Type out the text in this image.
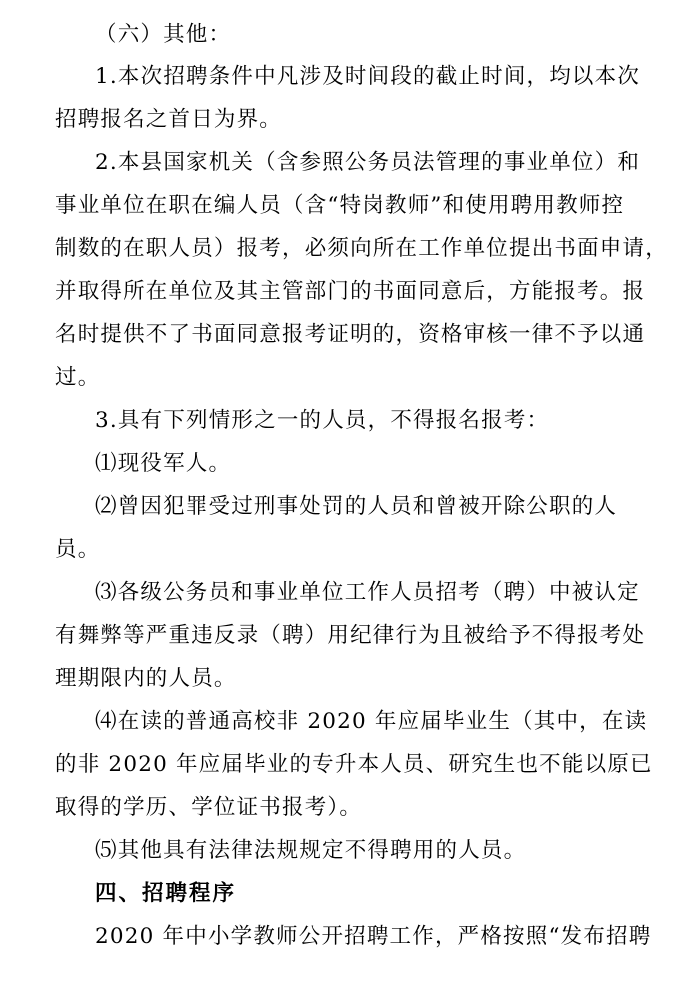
（六）其他：
1.本次招聘条件中凡涉及时间段的截止时间，均以本次
招聘报名之首日为界。
2.本县国家机关（含参照公务员法管理的事业单位）和
事业单位在职在编人员（含“特岗教师”和使用聘用教师控
制数的在职人员）报考，必须向所在工作单位提出书面申请，
并取得所在单位及其主管部门的书面同意后，方能报考。报
名时提供不了书面同意报考证明的，资格审核一律不予以通
过。
3.具有下列情形之一的人员，不得报名报考：
⑴现役军人。
⑵曾因犯罪受过刑事处罚的人员和曾被开除公职的人
员。
⑶各级公务员和事业单位工作人员招考（聘）中被认定
有舞弊等严重违反录（聘）用纪律行为且被给予不得报考处
理期限内的人员。
⑷在读的普通高校非 2020 年应届毕业生（其中，在读
的非 2020 年应届毕业的专升本人员、研究生也不能以原已
取得的学历、学位证书报考）。
⑸其他具有法律法规规定不得聘用的人员。
四、招聘程序
2020 年中小学教师公开招聘工作，严格按照“发布招聘
